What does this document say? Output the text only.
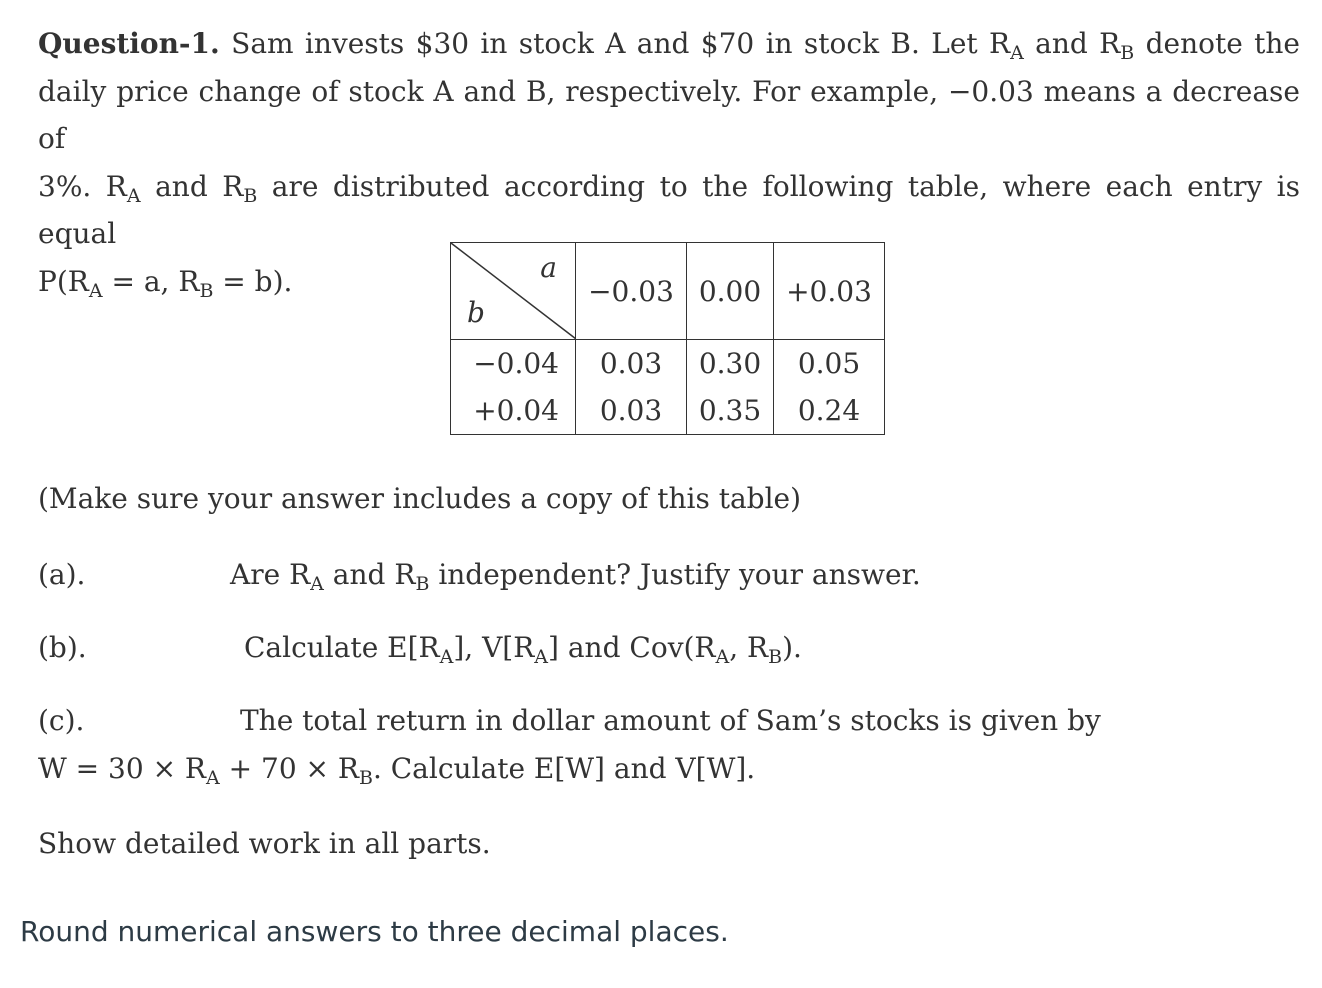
Question-1. Sam invests $30 in stock A and $70 in stock B. Let $R_A$ and $R_B$ denote the
daily price change of stock A and B, respectively. For example, −0.03 means a decrease of
3%. $R_A$ and $R_B$ are distributed according to the following table, where each entry is equal
$P(R_A = a$, $R_B = b$).	a
b	−0.03	0.00	+0.03
−0.04	0.03	0.30	0.05
+0.04	0.03	0.35	0.24
(Make sure your answer includes a copy of this table)
(a).	Are $R_A$ and $R_B$ independent? Justify your answer.
(b).	Calculate $E[R_A]$, $V[R_A]$ and $Cov(R_A$, $R_B$).
(c).	The total return in dollar amount of Sam’s stocks is given by
$W = 30 \times R_A + 70 \times R_B$. Calculate E[W] and V[W].
Show detailed work in all parts.
Round numerical answers to three decimal places.
